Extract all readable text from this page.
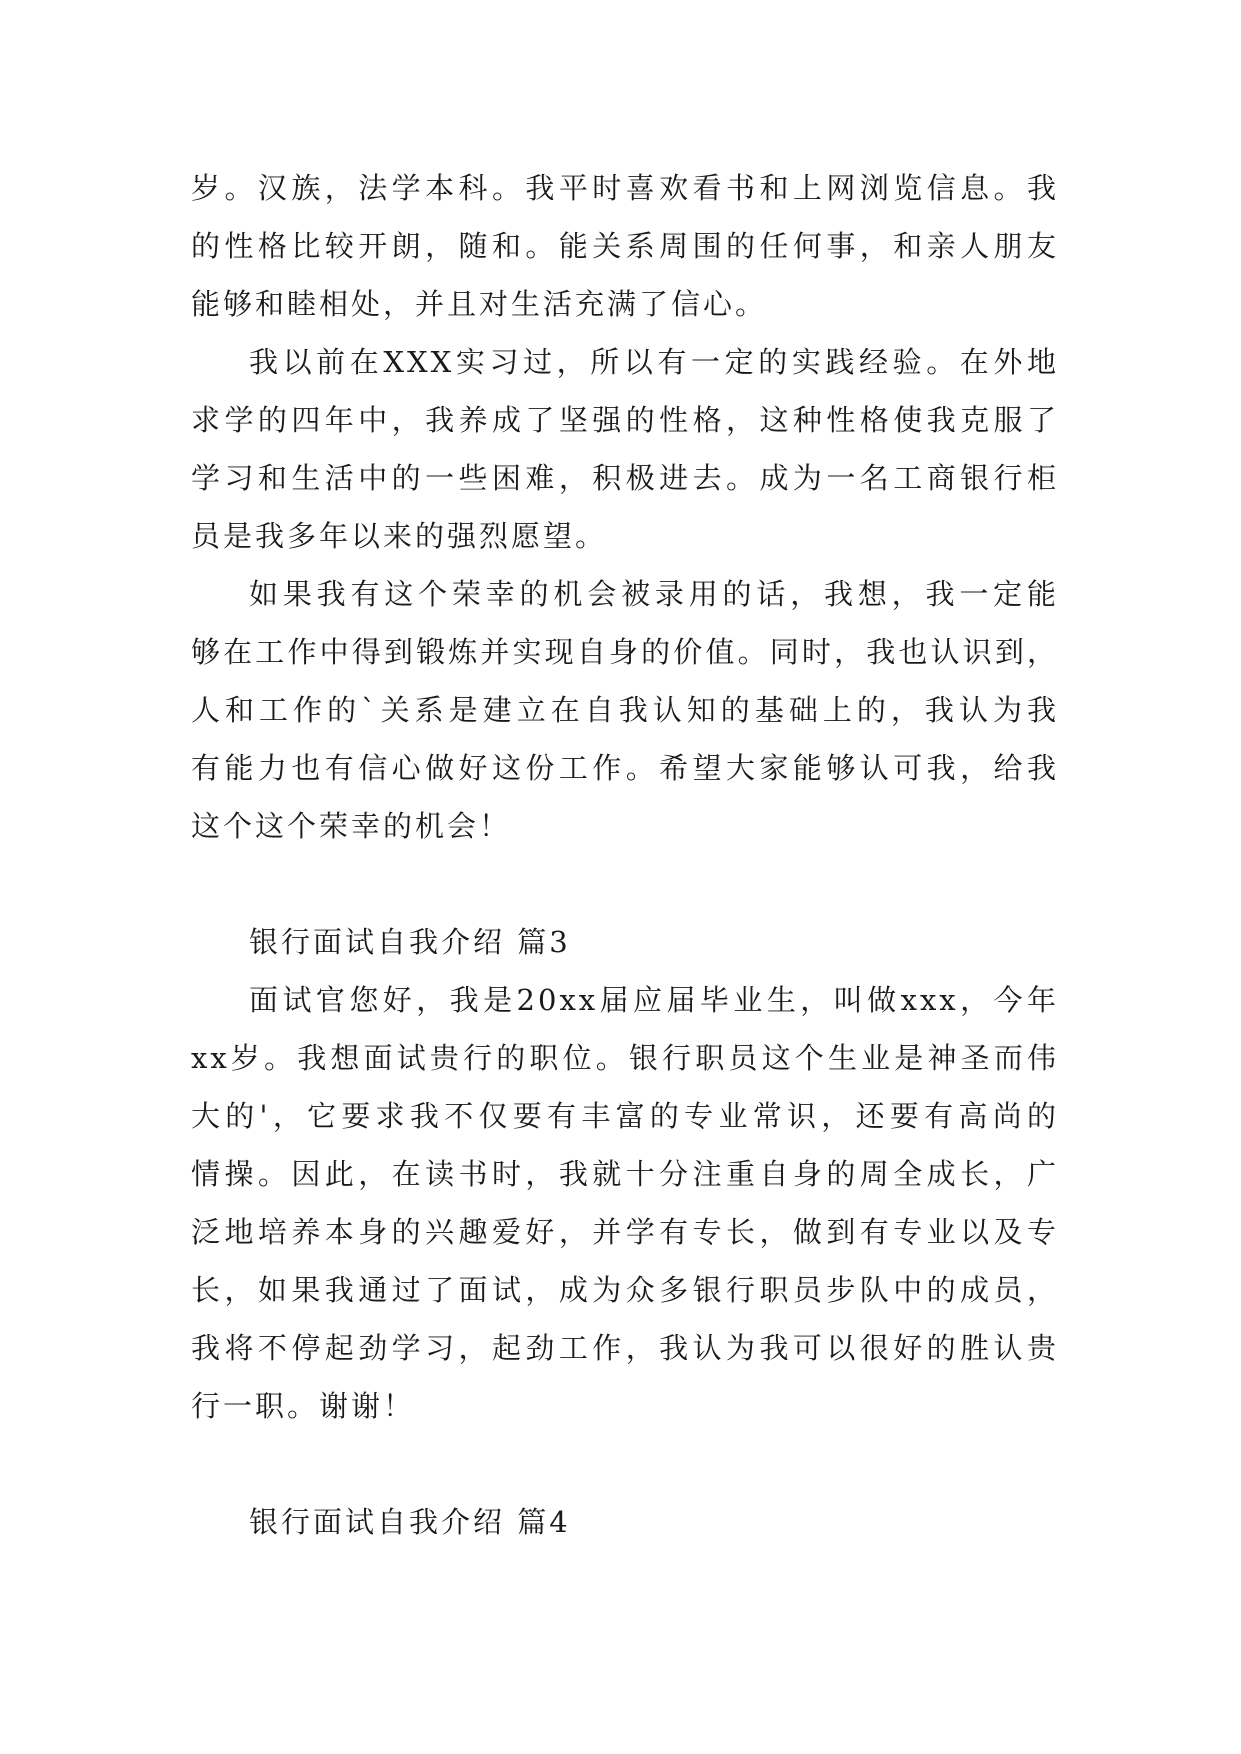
岁。汉族，法学本科。我平时喜欢看书和上网浏览信息。我
的性格比较开朗，随和。能关系周围的任何事，和亲人朋友
能够和睦相处，并且对生活充满了信心。
我以前在XXX实习过，所以有一定的实践经验。在外地
求学的四年中，我养成了坚强的性格，这种性格使我克服了
学习和生活中的一些困难，积极进去。成为一名工商银行柜
员是我多年以来的强烈愿望。
如果我有这个荣幸的机会被录用的话，我想，我一定能
够在工作中得到锻炼并实现自身的价值。同时，我也认识到，
人和工作的`关系是建立在自我认知的基础上的，我认为我
有能力也有信心做好这份工作。希望大家能够认可我，给我
这个这个荣幸的机会！
银行面试自我介绍 篇3
面试官您好，我是20xx届应届毕业生，叫做xxx，今年
xx岁。我想面试贵行的职位。银行职员这个生业是神圣而伟
大的'，它要求我不仅要有丰富的专业常识，还要有高尚的
情操。因此，在读书时，我就十分注重自身的周全成长，广
泛地培养本身的兴趣爱好，并学有专长，做到有专业以及专
长，如果我通过了面试，成为众多银行职员步队中的成员，
我将不停起劲学习，起劲工作，我认为我可以很好的胜认贵
行一职。谢谢！
银行面试自我介绍 篇4
